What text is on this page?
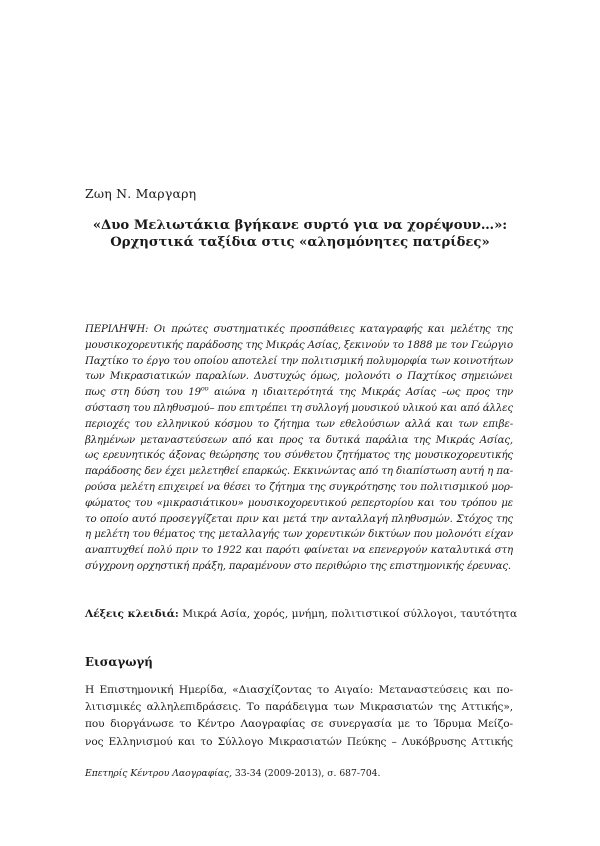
Ζωη Ν. Μαργαρη
«Δυο Μελιωτάκια βγήκανε συρτό για να χορέψουν…»:
Ορχηστικά ταξίδια στις «αλησμόνητες πατρίδες»
ΠΕΡΙΛΗΨΗ: Οι πρώτες συστηματικές προσπάθειες καταγραφής και μελέτης της
μουσικοχορευτικής παράδοσης της Μικράς Ασίας, ξεκινούν το 1888 με τον Γεώργιο
Παχτίκο το έργο του οποίου αποτελεί την πολιτισμική πολυμορφία των κοινοτήτων
των Μικρασιατικών παραλίων. Δυστυχώς όμως, μολονότι ο Παχτίκος σημειώνει
πως στη δύση του $19^{o\upsilon}$ αιώνα η ιδιαιτερότητά της Μικράς Ασίας –ως προς την
σύσταση του πληθυσμού– που επιτρέπει τη συλλογή μουσικού υλικού και από άλλες
περιοχές του ελληνικού κόσμου το ζήτημα των εθελούσιων αλλά και των επιβε-
βλημένων μεταναστεύσεων από και προς τα δυτικά παράλια της Μικράς Ασίας,
ως ερευνητικός άξονας θεώρησης του σύνθετου ζητήματος της μουσικοχορευτικής
παράδοσης δεν έχει μελετηθεί επαρκώς. Εκκινώντας από τη διαπίστωση αυτή η πα-
ρούσα μελέτη επιχειρεί να θέσει το ζήτημα της συγκρότησης του πολιτισμικού μορ-
φώματος του «μικρασιάτικου» μουσικοχορευτικού ρεπερτορίου και του τρόπου με
το οποίο αυτό προσεγγίζεται πριν και μετά την ανταλλαγή πληθυσμών. Στόχος της
η μελέτη του θέματος της μεταλλαγής των χορευτικών δικτύων που μολονότι είχαν
αναπτυχθεί πολύ πριν το 1922 και παρότι φαίνεται να επενεργούν καταλυτικά στη
σύγχρονη ορχηστική πράξη, παραμένουν στο περιθώριο της επιστημονικής έρευνας.
Λέξεις κλειδιά: Μικρά Ασία, χορός, μνήμη, πολιτιστικοί σύλλογοι, ταυτότητα
Εισαγωγή
Η Επιστημονική Ημερίδα, «Διασχίζοντας το Αιγαίο: Μεταναστεύσεις και πο-
λιτισμικές αλληλεπιδράσεις. Το παράδειγμα των Μικρασιατών της Αττικής»,
που διοργάνωσε το Κέντρο Λαογραφίας σε συνεργασία με το Ίδρυμα Μείζο-
νος Ελληνισμού και το Σύλλογο Μικρασιατών Πεύκης – Λυκόβρυσης Αττικής
Επετηρίς Κέντρου Λαογραφίας, 33-34 (2009-2013), σ. 687-704.
